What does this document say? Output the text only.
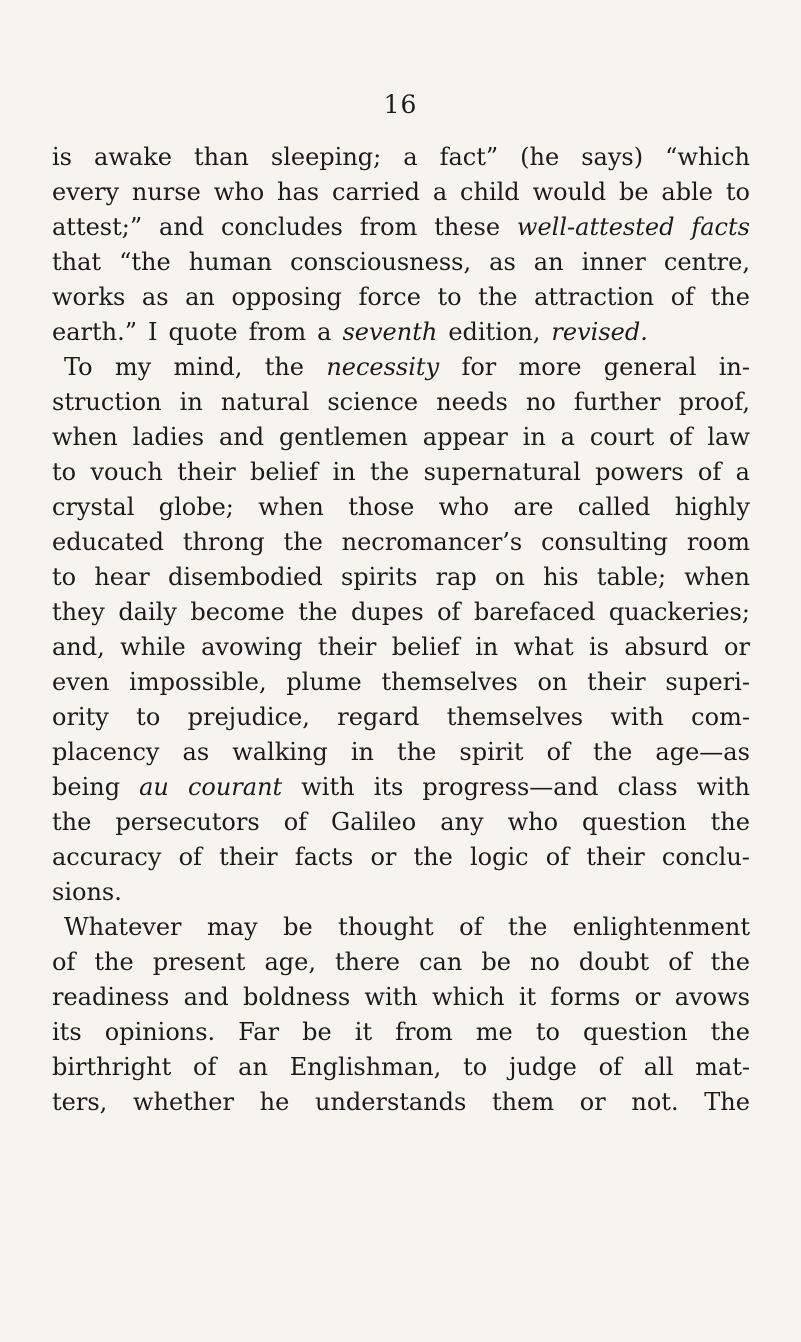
16
is awake than sleeping; a fact” (he says) “which
every nurse who has carried a child would be able to
attest;” and concludes from these well-attested facts
that “the human consciousness, as an inner centre,
works as an opposing force to the attraction of the
earth.” I quote from a seventh edition, revised.
To my mind, the necessity for more general in-
struction in natural science needs no further proof,
when ladies and gentlemen appear in a court of law
to vouch their belief in the supernatural powers of a
crystal globe; when those who are called highly
educated throng the necromancer’s consulting room
to hear disembodied spirits rap on his table; when
they daily become the dupes of barefaced quackeries;
and, while avowing their belief in what is absurd or
even impossible, plume themselves on their superi-
ority to prejudice, regard themselves with com-
placency as walking in the spirit of the age—as
being au courant with its progress—and class with
the persecutors of Galileo any who question the
accuracy of their facts or the logic of their conclu-
sions.
Whatever may be thought of the enlightenment
of the present age, there can be no doubt of the
readiness and boldness with which it forms or avows
its opinions. Far be it from me to question the
birthright of an Englishman, to judge of all mat-
ters, whether he understands them or not. The
